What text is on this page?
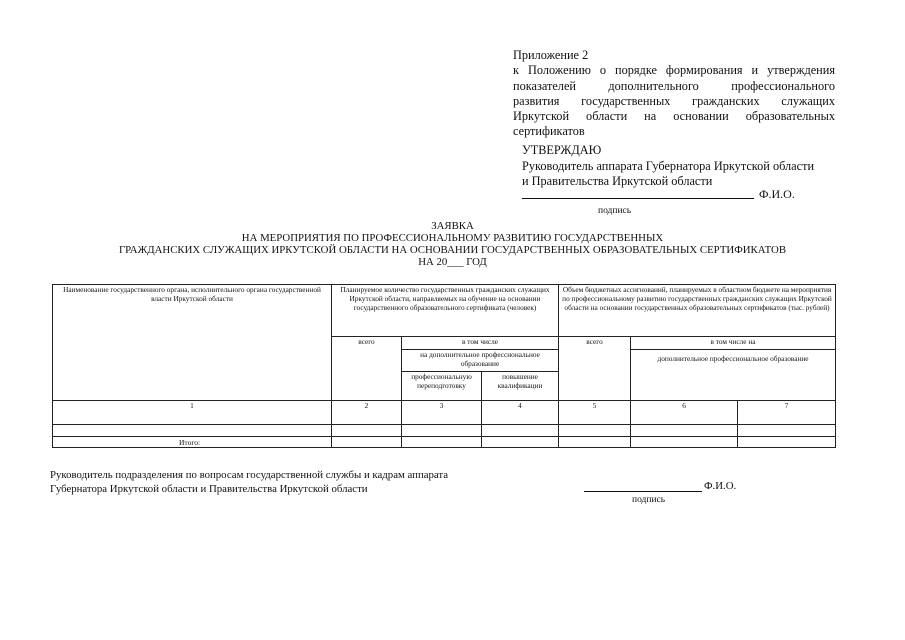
Приложение 2
к Положению о порядке формирования и утверждения
показателей дополнительного профессионального
развития государственных гражданских служащих
Иркутской области на основании образовательных
сертификатов
УТВЕРЖДАЮ
Руководитель аппарата Губернатора Иркутской области
и Правительства Иркутской области
Ф.И.О.
подпись
ЗАЯВКА
НА МЕРОПРИЯТИЯ ПО ПРОФЕССИОНАЛЬНОМУ РАЗВИТИЮ ГОСУДАРСТВЕННЫХ
ГРАЖДАНСКИХ СЛУЖАЩИХ ИРКУТСКОЙ ОБЛАСТИ НА ОСНОВАНИИ ГОСУДАРСТВЕННЫХ ОБРАЗОВАТЕЛЬНЫХ СЕРТИФИКАТОВ
НА 20___ ГОД
Наименование государственного органа, исполнительного органа государственной власти Иркутской области	Планируемое количество государственных гражданских служащих Иркутской области, направляемых на обучение на основании государственного образовательного сертификата (человек)			Объем бюджетных ассигнований, планируемых в областном бюджете на мероприятия по профессиональному развитию государственных гражданских служащих Иркутской области на основании государственных образовательных сертификатов (тыс. рублей)		
	всего	в том числе		всего	в том числе на	
		на дополнительное профессиональное образование			дополнительное профессиональное образование	

		профессиональную переподготовку	повышение квалификации			
1	2	3	4	5	6	7

Итого:						
Руководитель подразделения по вопросам государственной службы и кадрам аппарата
Губернатора Иркутской области и Правительства Иркутской области	Ф.И.О.
подпись
